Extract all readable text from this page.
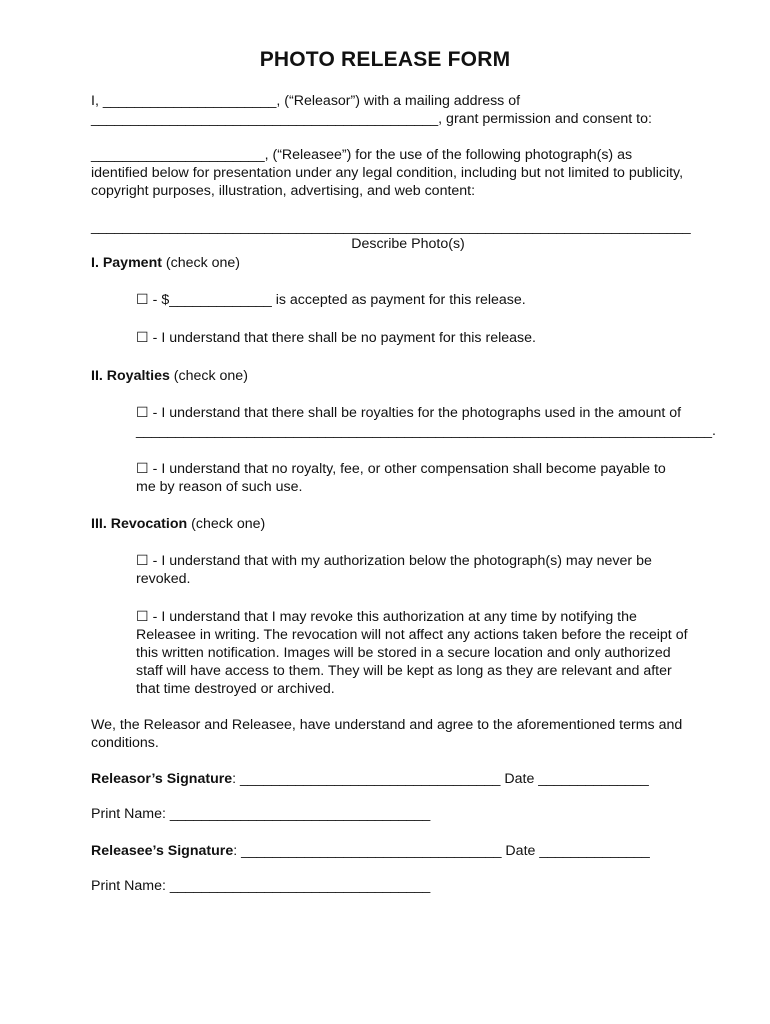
PHOTO RELEASE FORM

I, ______________________, (“Releasor”) with a mailing address of

____________________________________________, grant permission and consent to:

______________________, (“Releasee”) for the use of the following photograph(s) as

identified below for presentation under any legal condition, including but not limited to publicity,

copyright purposes, illustration, advertising, and web content:

____________________________________________________________________________

Describe Photo(s)

I. Payment (check one)

☐ - $_____________ is accepted as payment for this release.

☐ - I understand that there shall be no payment for this release.

II. Royalties (check one)

☐ - I understand that there shall be royalties for the photographs used in the amount of

_________________________________________________________________________.

☐ - I understand that no royalty, fee, or other compensation shall become payable to

me by reason of such use.

III. Revocation (check one)

☐ - I understand that with my authorization below the photograph(s) may never be

revoked.

☐ - I understand that I may revoke this authorization at any time by notifying the

Releasee in writing. The revocation will not affect any actions taken before the receipt of

this written notification. Images will be stored in a secure location and only authorized

staff will have access to them. They will be kept as long as they are relevant and after

that time destroyed or archived.

We, the Releasor and Releasee, have understand and agree to the aforementioned terms and

conditions.

Releasor’s Signature: _________________________________ Date ______________

Print Name: _________________________________

Releasee’s Signature: _________________________________ Date ______________

Print Name: _________________________________
